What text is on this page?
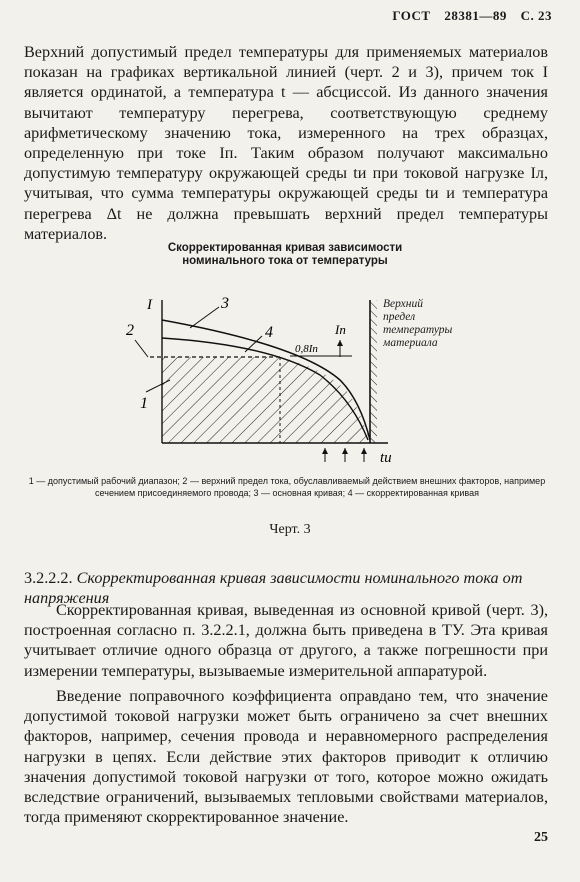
ГОСТ 28381—89 С. 23

Верхний допустимый предел температуры для применяемых материалов показан на графиках вертикальной линией (черт. 2 и 3), причем ток I является ординатой, а температура t — абсциссой. Из данного значения вычитают температуру перегрева, соответствующую среднему арифметическому значению тока, измеренного на трех образцах, определенную при токе Iп. Таким образом получают максимально допустимую температуру окружающей среды tи при токовой нагрузке Iл, учитывая, что сумма температуры окружающей среды tи и температура перегрева Δt не должна превышать верхний предел температуры материалов.

Скорректированная кривая зависимости номинального тока от температуры

I
tи
Iп
0,8Iп
1
2
3
4
Верхний предел температуры материала

1 — допустимый рабочий диапазон; 2 — верхний предел тока, обуславливаемый действием внешних факторов, например сечением присоединяемого провода; 3 — основная кривая; 4 — скорректированная кривая

Черт. 3

3.2.2.2. Скорректированная кривая зависимости номинального тока от напряжения

Скорректированная кривая, выведенная из основной кривой (черт. 3), построенная согласно п. 3.2.2.1, должна быть приведена в ТУ. Эта кривая учитывает отличие одного образца от другого, а также погрешности при измерении температуры, вызываемые измерительной аппаратурой.

Введение поправочного коэффициента оправдано тем, что значение допустимой токовой нагрузки может быть ограничено за счет внешних факторов, например, сечения провода и неравномерного распределения нагрузки в цепях. Если действие этих факторов приводит к отличию значения допустимой токовой нагрузки от того, которое можно ожидать вследствие ограничений, вызываемых тепловыми свойствами материалов, тогда применяют скорректированное значение.

25
